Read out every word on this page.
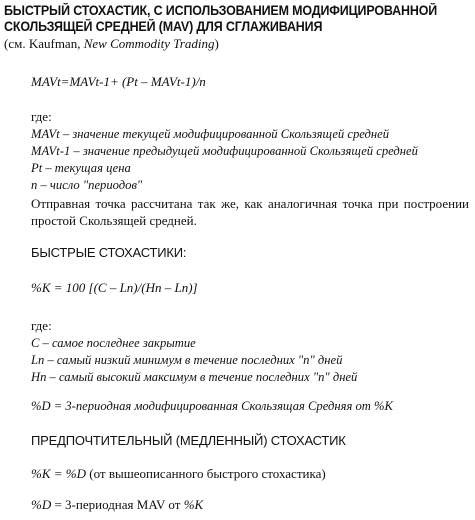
БЫСТРЫЙ СТОХАСТИК, С ИСПОЛЬЗОВАНИЕМ МОДИФИЦИРОВАННОЙ
СКОЛЬЗЯЩЕЙ СРЕДНЕЙ (MAV) ДЛЯ СГЛАЖИВАНИЯ
(см. Kaufman, New Commodity Trading)
MAVt=MAVt-1+ (Pt – MAVt-1)/n
где:
MAVt – значение текущей модифицированной Скользящей средней
MAVt-1 – значение предыдущей модифицированной Скользящей средней
Pt – текущая цена
n – число "периодов"
Отправная точка рассчитана так же, как аналогичная точка при построении простой Скользящей средней.
БЫСТРЫЕ СТОХАСТИКИ:
%K = 100 [(C – Ln)/(Hn – Ln)]
где:
C – самое последнее закрытие
Ln – самый низкий минимум в течение последних "n" дней
Hn – самый высокий максимум в течение последних "n" дней
%D = 3-периодная модифицированная Скользящая Средняя от %K
ПРЕДПОЧТИТЕЛЬНЫЙ (МЕДЛЕННЫЙ) СТОХАСТИК
%K = %D (от вышеописанного быстрого стохастика)
%D = 3-периодная MAV от %K
